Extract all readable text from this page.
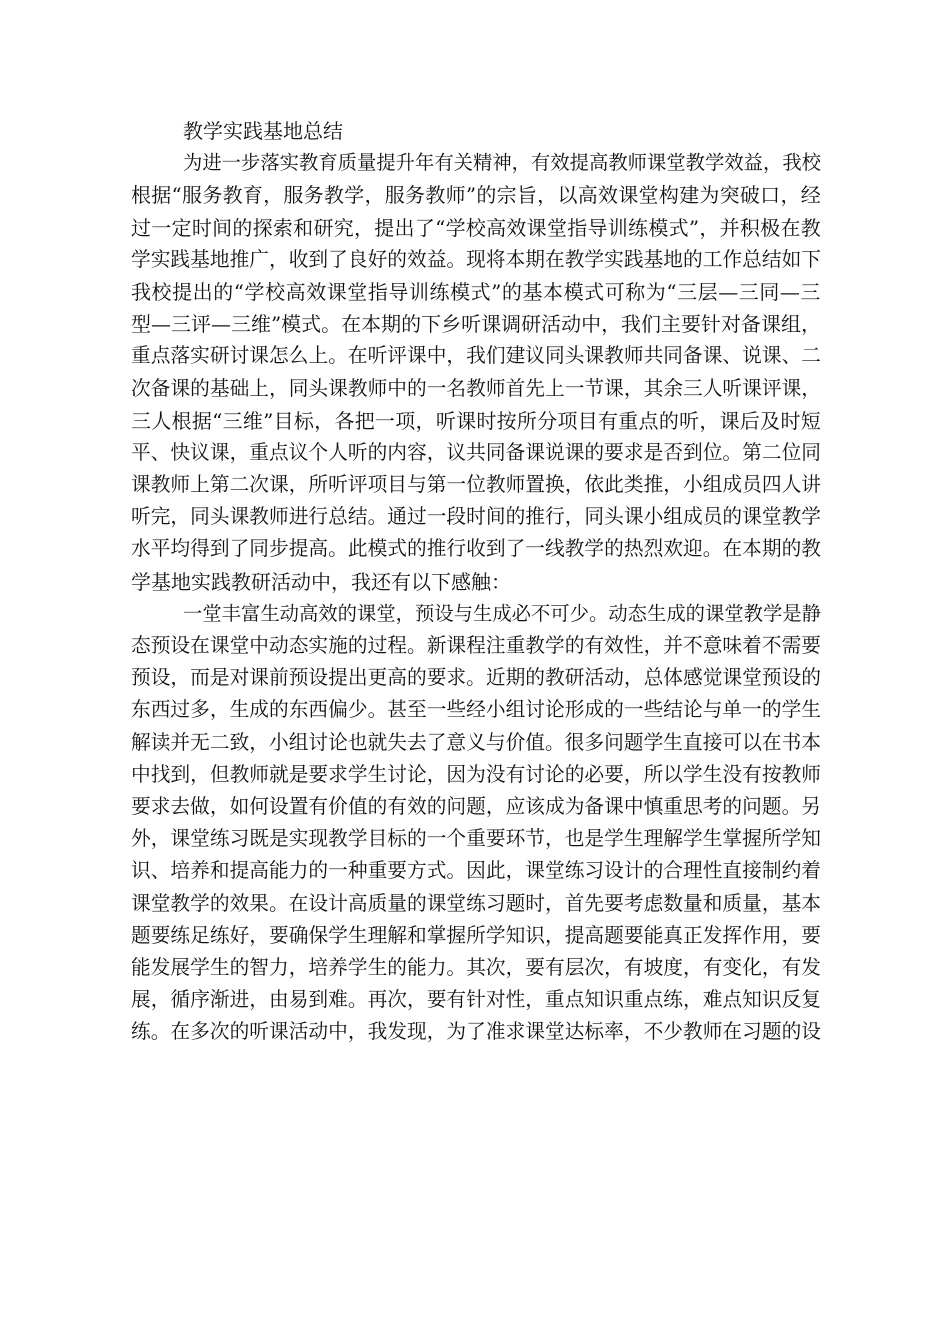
教学实践基地总结
为进一步落实教育质量提升年有关精神，有效提高教师课堂教学效益，我校
根据“服务教育，服务教学，服务教师”的宗旨，以高效课堂构建为突破口，经
过一定时间的探索和研究，提出了“学校高效课堂指导训练模式”，并积极在教
学实践基地推广，收到了良好的效益。现将本期在教学实践基地的工作总结如下
我校提出的“学校高效课堂指导训练模式”的基本模式可称为“三层—三同—三
型—三评—三维”模式。在本期的下乡听课调研活动中，我们主要针对备课组，
重点落实研讨课怎么上。在听评课中，我们建议同头课教师共同备课、说课、二
次备课的基础上，同头课教师中的一名教师首先上一节课，其余三人听课评课，
三人根据“三维”目标，各把一项，听课时按所分项目有重点的听，课后及时短
平、快议课，重点议个人听的内容，议共同备课说课的要求是否到位。第二位同
课教师上第二次课，所听评项目与第一位教师置换，依此类推，小组成员四人讲
听完，同头课教师进行总结。通过一段时间的推行，同头课小组成员的课堂教学
水平均得到了同步提高。此模式的推行收到了一线教学的热烈欢迎。在本期的教
学基地实践教研活动中，我还有以下感触：
一堂丰富生动高效的课堂，预设与生成必不可少。动态生成的课堂教学是静
态预设在课堂中动态实施的过程。新课程注重教学的有效性，并不意味着不需要
预设，而是对课前预设提出更高的要求。近期的教研活动，总体感觉课堂预设的
东西过多，生成的东西偏少。甚至一些经小组讨论形成的一些结论与单一的学生
解读并无二致，小组讨论也就失去了意义与价值。很多问题学生直接可以在书本
中找到，但教师就是要求学生讨论，因为没有讨论的必要，所以学生没有按教师
要求去做，如何设置有价值的有效的问题，应该成为备课中慎重思考的问题。另
外，课堂练习既是实现教学目标的一个重要环节，也是学生理解学生掌握所学知
识、培养和提高能力的一种重要方式。因此，课堂练习设计的合理性直接制约着
课堂教学的效果。在设计高质量的课堂练习题时，首先要考虑数量和质量，基本
题要练足练好，要确保学生理解和掌握所学知识，提高题要能真正发挥作用，要
能发展学生的智力，培养学生的能力。其次，要有层次，有坡度，有变化，有发
展，循序渐进，由易到难。再次，要有针对性，重点知识重点练，难点知识反复
练。在多次的听课活动中，我发现，为了准求课堂达标率，不少教师在习题的设
